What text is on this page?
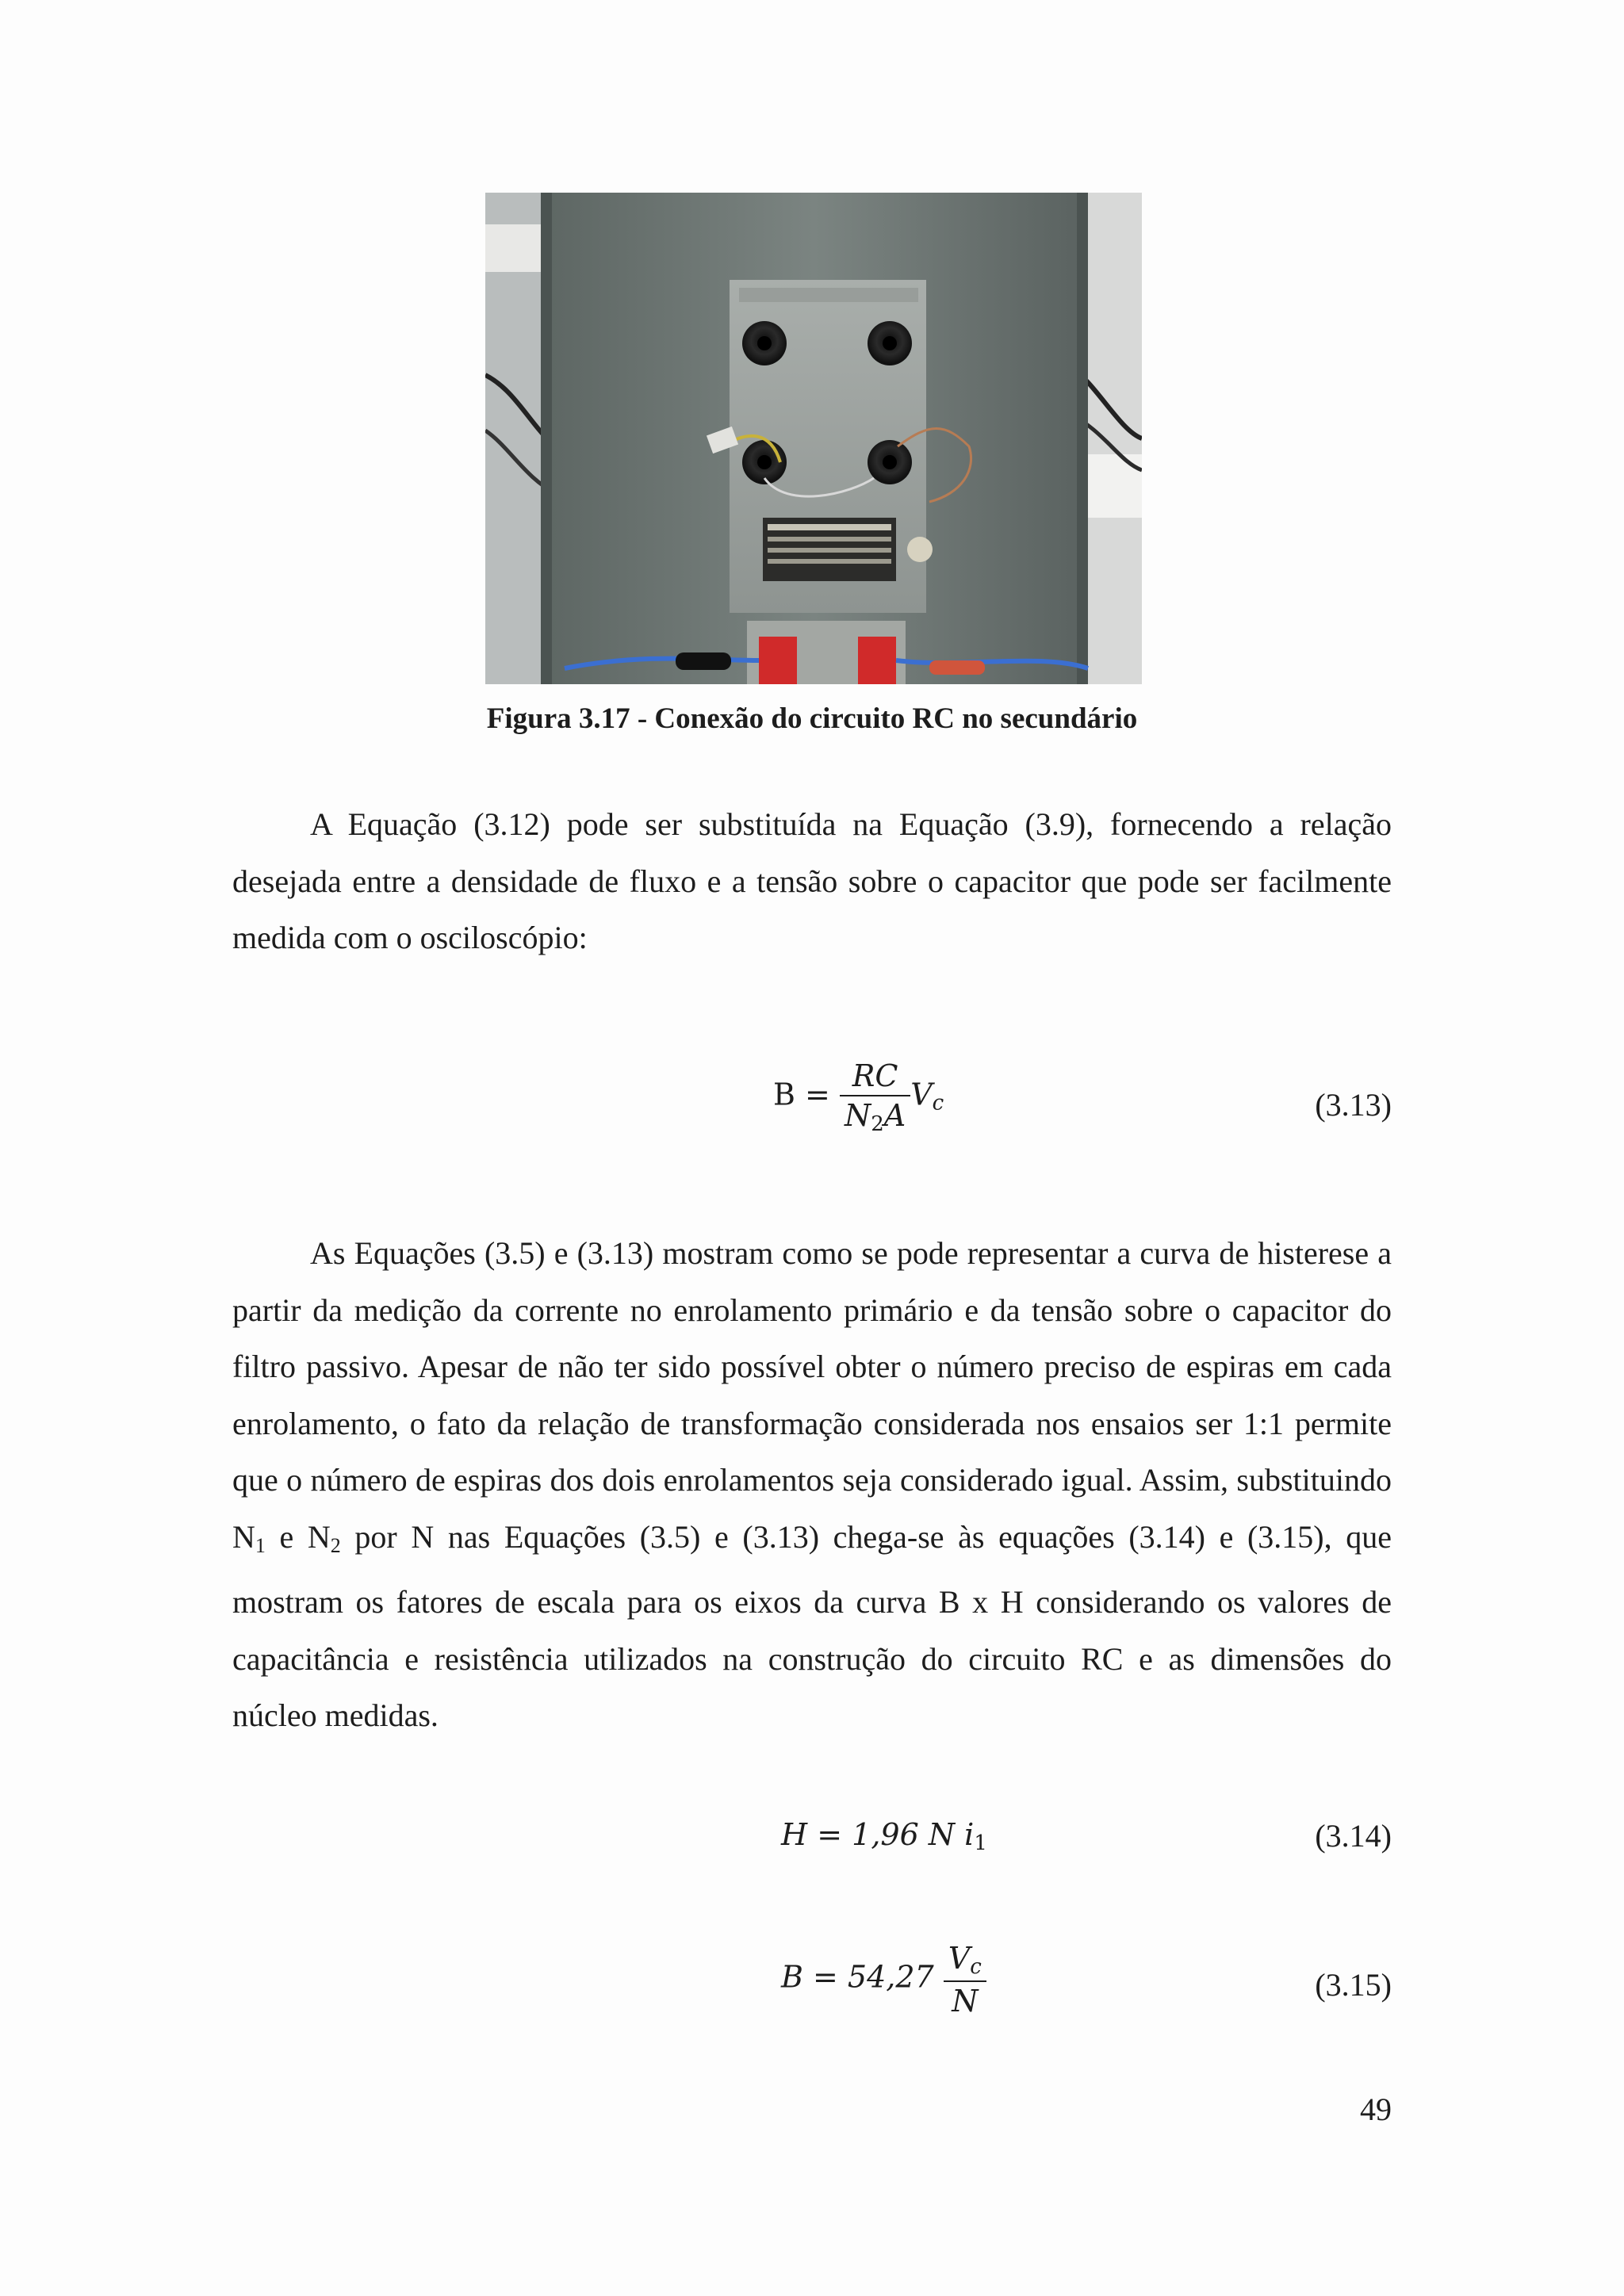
Figura 3.17 - Conexão do circuito RC no secundário

A Equação (3.12) pode ser substituída na Equação (3.9), fornecendo a relação desejada entre a densidade de fluxo e a tensão sobre o capacitor que pode ser facilmente medida com o osciloscópio:

$B = \frac{RC}{N_2A} V_c$	(3.13)

As Equações (3.5) e (3.13) mostram como se pode representar a curva de histerese a partir da medição da corrente no enrolamento primário e da tensão sobre o capacitor do filtro passivo. Apesar de não ter sido possível obter o número preciso de espiras em cada enrolamento, o fato da relação de transformação considerada nos ensaios ser 1:1 permite que o número de espiras dos dois enrolamentos seja considerado igual. Assim, substituindo $N_1$ e $N_2$ por N nas Equações (3.5) e (3.13) chega-se às equações (3.14) e (3.15), que mostram os fatores de escala para os eixos da curva B x H considerando os valores de capacitância e resistência utilizados na construção do circuito RC e as dimensões do núcleo medidas.

H = 1,96 N $i_1$	(3.14)
$B = 54,27 \frac{V_c}{N}$	(3.15)
49
